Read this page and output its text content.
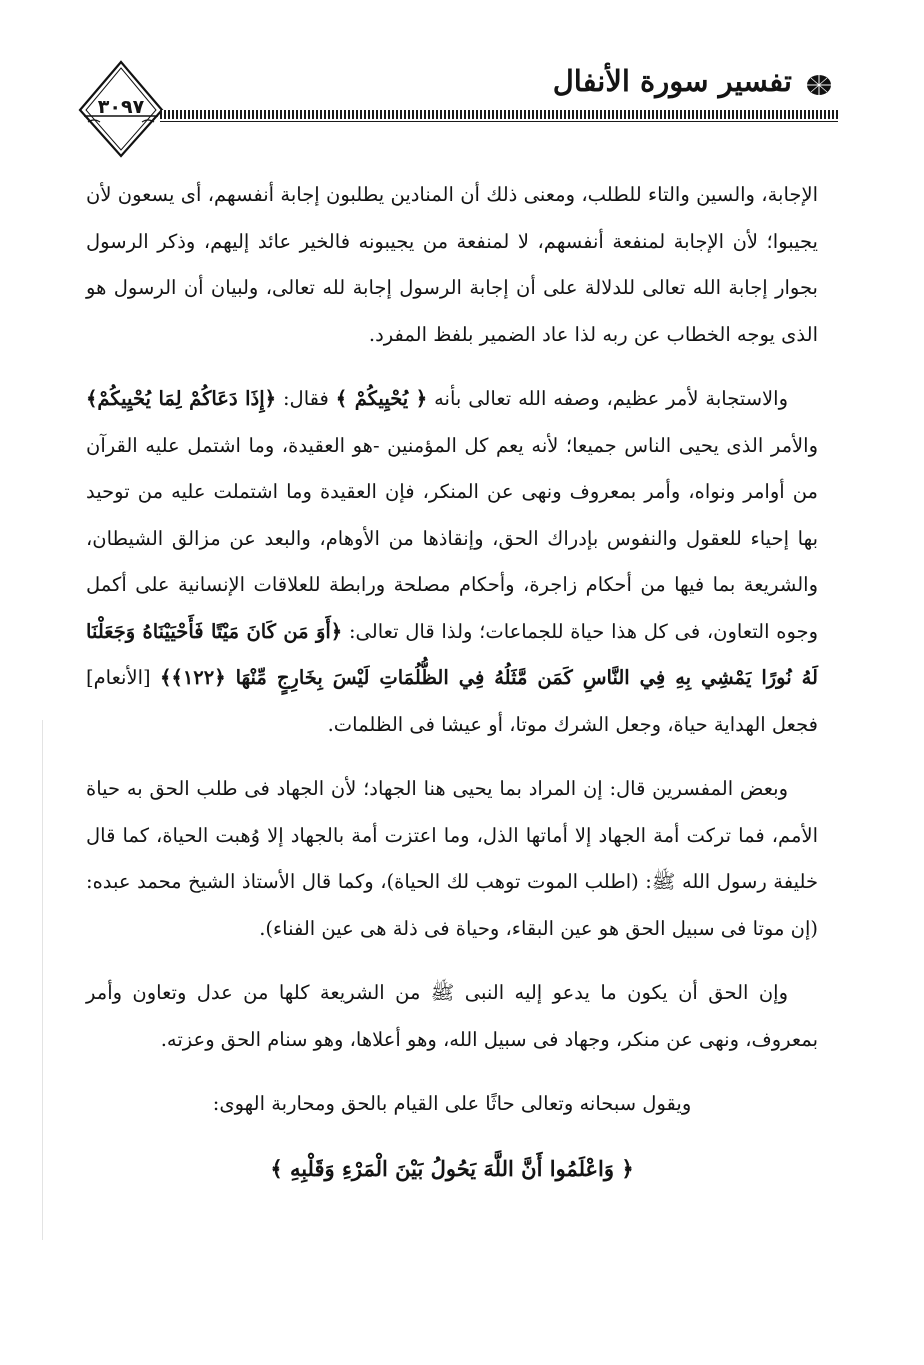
٣٠٩٧
تفسير سورة الأنفال

الإجابة، والسين والتاء للطلب، ومعنى ذلك أن المنادين يطلبون إجابة أنفسهم، أى يسعون لأن يجيبوا؛ لأن الإجابة لمنفعة أنفسهم، لا لمنفعة من يجيبونه فالخير عائد إليهم، وذكر الرسول بجوار إجابة الله تعالى للدلالة على أن إجابة الرسول إجابة لله تعالى، ولبيان أن الرسول هو الذى يوجه الخطاب عن ربه لذا عاد الضمير بلفظ المفرد.

والاستجابة لأمر عظيم، وصفه الله تعالى بأنه ﴿ يُحْيِيكُمْ ﴾ فقال: ﴿إِذَا دَعَاكُمْ لِمَا يُحْيِيكُمْ﴾ والأمر الذى يحيى الناس جميعا؛ لأنه يعم كل المؤمنين -هو العقيدة، وما اشتمل عليه القرآن من أوامر ونواه، وأمر بمعروف ونهى عن المنكر، فإن العقيدة وما اشتملت عليه من توحيد بها إحياء للعقول والنفوس بإدراك الحق، وإنقاذها من الأوهام، والبعد عن مزالق الشيطان، والشريعة بما فيها من أحكام زاجرة، وأحكام مصلحة ورابطة للعلاقات الإنسانية على أكمل وجوه التعاون، فى كل هذا حياة للجماعات؛ ولذا قال تعالى: ﴿أَوَ مَن كَانَ مَيْتًا فَأَحْيَيْنَاهُ وَجَعَلْنَا لَهُ نُورًا يَمْشِي بِهِ فِي النَّاسِ كَمَن مَّثَلُهُ فِي الظُّلُمَاتِ لَيْسَ بِخَارِجٍ مِّنْهَا ﴿١٢٢﴾﴾ [الأنعام] فجعل الهداية حياة، وجعل الشرك موتا، أو عيشا فى الظلمات.

وبعض المفسرين قال: إن المراد بما يحيى هنا الجهاد؛ لأن الجهاد فى طلب الحق به حياة الأمم، فما تركت أمة الجهاد إلا أماتها الذل، وما اعتزت أمة بالجهاد إلا وُهبت الحياة، كما قال خليفة رسول الله ﷺ: (اطلب الموت توهب لك الحياة)، وكما قال الأستاذ الشيخ محمد عبده: (إن موتا فى سبيل الحق هو عين البقاء، وحياة فى ذلة هى عين الفناء).

وإن الحق أن يكون ما يدعو إليه النبى ﷺ من الشريعة كلها من عدل وتعاون وأمر بمعروف، ونهى عن منكر، وجهاد فى سبيل الله، وهو أعلاها، وهو سنام الحق وعزته.

ويقول سبحانه وتعالى حاثًا على القيام بالحق ومحاربة الهوى:

﴿ وَاعْلَمُوا أَنَّ اللَّهَ يَحُولُ بَيْنَ الْمَرْءِ وَقَلْبِهِ ﴾
